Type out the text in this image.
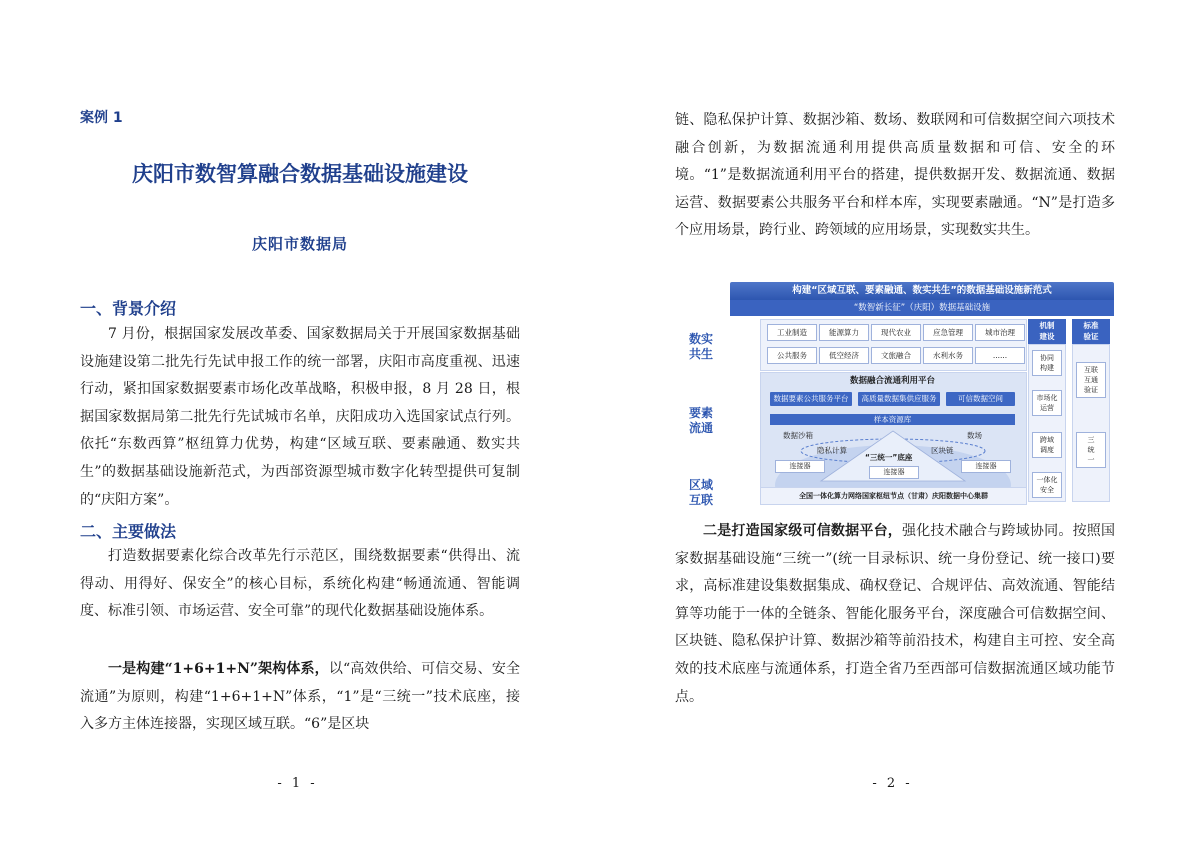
案例 1
庆阳市数智算融合数据基础设施建设
庆阳市数据局
一、背景介绍

7 月份，根据国家发展改革委、国家数据局关于开展国家数据基础设施建设第二批先行先试申报工作的统一部署，庆阳市高度重视、迅速行动，紧扣国家数据要素市场化改革战略，积极申报，8 月 28 日，根据国家数据局第二批先行先试城市名单，庆阳成功入选国家试点行列。依托“东数西算”枢纽算力优势，构建“区域互联、要素融通、数实共生”的数据基础设施新范式，为西部资源型城市数字化转型提供可复制的“庆阳方案”。

二、主要做法

打造数据要素化综合改革先行示范区，围绕数据要素“供得出、流得动、用得好、保安全”的核心目标，系统化构建“畅通流通、智能调度、标准引领、市场运营、安全可靠”的现代化数据基础设施体系。

一是构建“1+6+1+N”架构体系，以“高效供给、可信交易、安全流通”为原则，构建“1+6+1+N”体系，“1”是“三统一”技术底座，接入多方主体连接器，实现区域互联。“6”是区块

- 1 -

链、隐私保护计算、数据沙箱、数场、数联网和可信数据空间六项技术融合创新，为数据流通利用提供高质量数据和可信、安全的环境。“1”是数据流通利用平台的搭建，提供数据开发、数据流通、数据运营、数据要素公共服务平台和样本库，实现要素融通。“N”是打造多个应用场景，跨行业、跨领域的应用场景，实现数实共生。

构建“区域互联、要素融通、数实共生”的数据基础设施新范式
“数智新长征”（庆阳）数据基础设施
数实
共生
要素
流通
区域
互联
工业制造	能源算力	现代农业	应急管理	城市治理
公共服务	低空经济	文旅融合	水利水务	......
数据融合流通利用平台
数据要素公共服务平台	高质量数据集供应服务	可信数据空间
样本资源库
数据沙箱	数场
隐私计算	区块链
“三统一”底座
连接器
连接器
连接器
全国一体化算力网络国家枢纽节点（甘肃）庆阳数据中心集群
机制
建设
协同
构建
市场化
运营
跨域
调度
一体化
安全
标准
验证
互联
互通
验证
三
统
一

二是打造国家级可信数据平台，强化技术融合与跨域协同。按照国家数据基础设施“三统一”(统一目录标识、统一身份登记、统一接口)要求，高标准建设集数据集成、确权登记、合规评估、高效流通、智能结算等功能于一体的全链条、智能化服务平台，深度融合可信数据空间、区块链、隐私保护计算、数据沙箱等前沿技术，构建自主可控、安全高效的技术底座与流通体系，打造全省乃至西部可信数据流通区域功能节点。

- 2 -
